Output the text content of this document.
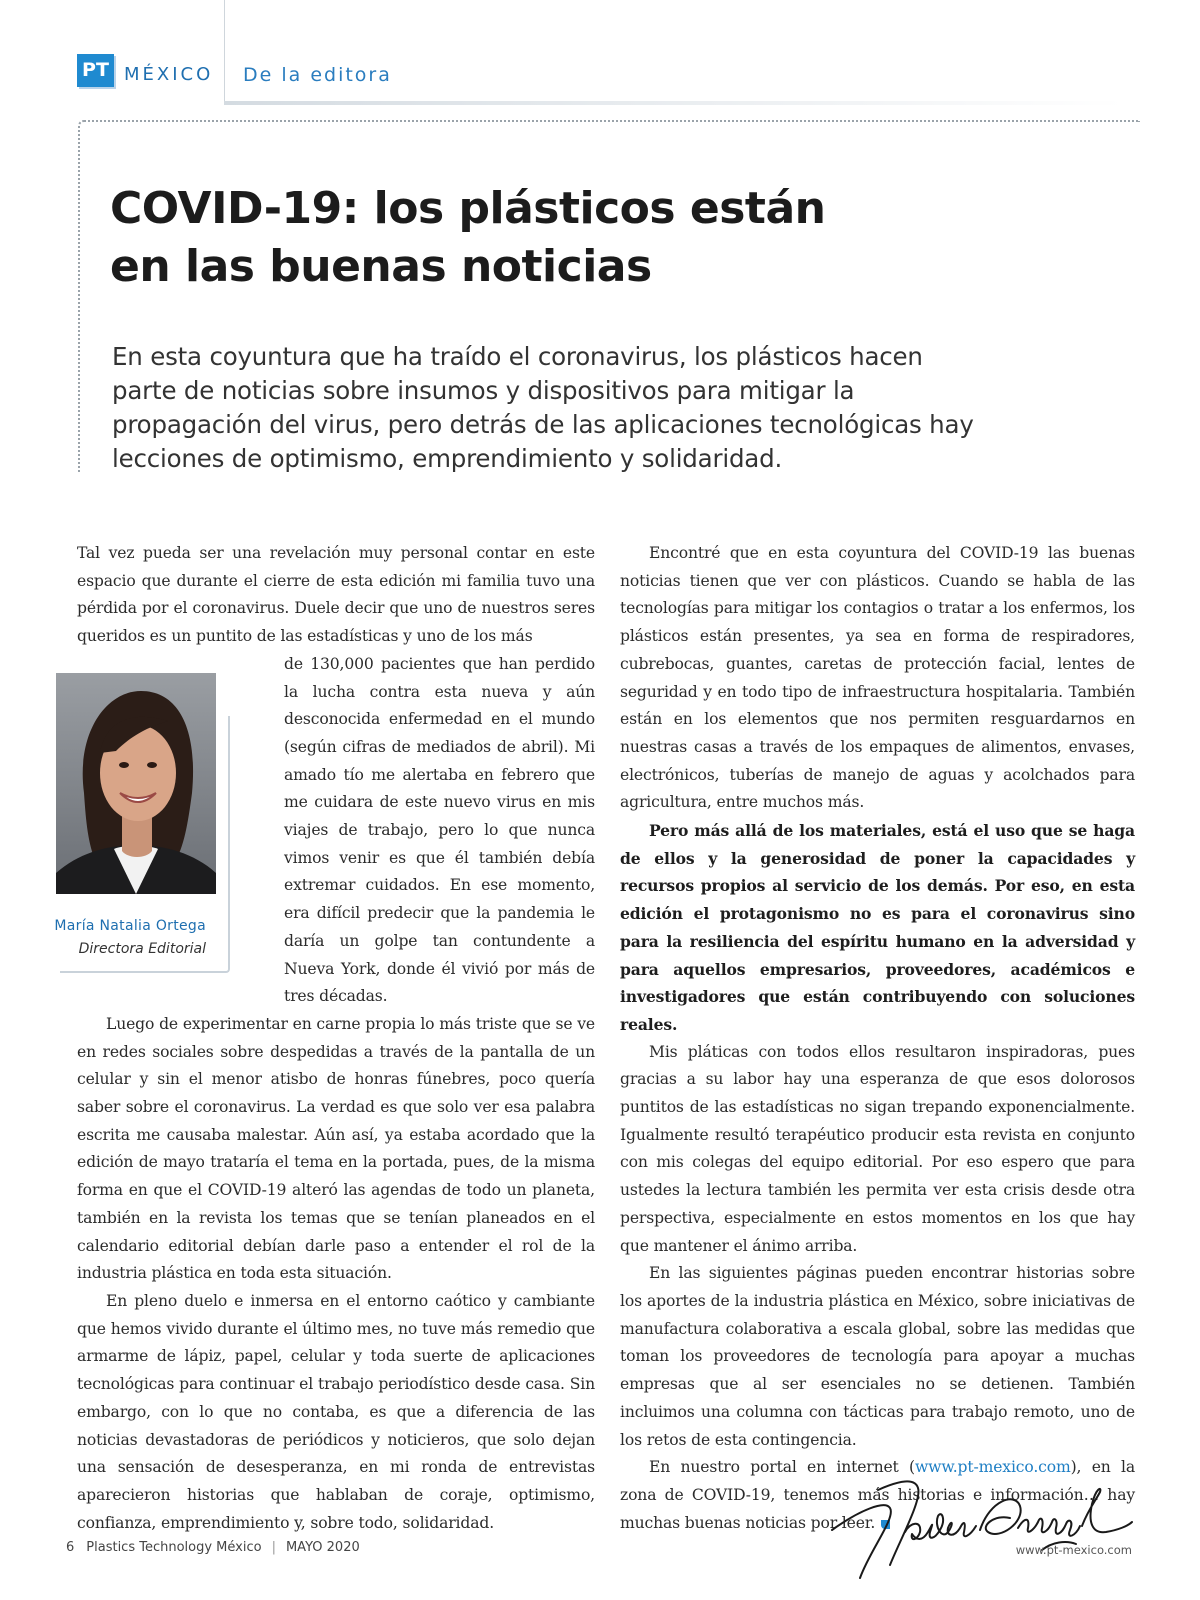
PT MÉXICO De la editora
COVID-19: los plásticos están
en las buenas noticias

En esta coyuntura que ha traído el coronavirus, los plásticos hacen parte de noticias sobre insumos y dispositivos para mitigar la propagación del virus, pero detrás de las aplicaciones tecnológicas hay lecciones de optimismo, emprendimiento y solidaridad.

María Natalia Ortega
Directora Editorial

Tal vez pueda ser una revelación muy personal contar en este espacio que durante el cierre de esta edición mi familia tuvo una pérdida por el coronavirus. Duele decir que uno de nuestros seres queridos es un puntito de las estadísticas y uno de los más

de 130,000 pacientes que han perdido la lucha contra esta nueva y aún desconocida enfermedad en el mundo (según cifras de mediados de abril). Mi amado tío me alertaba en febrero que me cuidara de este nuevo virus en mis viajes de trabajo, pero lo que nunca vimos venir es que él también debía extremar cuidados. En ese momento, era difícil predecir que la pandemia le daría un golpe tan contundente a Nueva York, donde él vivió por más de tres décadas.

Luego de experimentar en carne propia lo más triste que se ve en redes sociales sobre despedidas a través de la pantalla de un celular y sin el menor atisbo de honras fúnebres, poco quería saber sobre el coronavirus. La verdad es que solo ver esa palabra escrita me causaba malestar. Aún así, ya estaba acordado que la edición de mayo trataría el tema en la portada, pues, de la misma forma en que el COVID-19 alteró las agendas de todo un planeta, también en la revista los temas que se tenían planeados en el calendario editorial debían darle paso a entender el rol de la industria plástica en toda esta situación.

En pleno duelo e inmersa en el entorno caótico y cambiante que hemos vivido durante el último mes, no tuve más remedio que armarme de lápiz, papel, celular y toda suerte de aplicaciones tecnológicas para continuar el trabajo periodístico desde casa. Sin embargo, con lo que no contaba, es que a diferencia de las noticias devastadoras de periódicos y noticieros, que solo dejan una sensación de desesperanza, en mi ronda de entrevistas aparecieron historias que hablaban de coraje, optimismo, confianza, emprendimiento y, sobre todo, solidaridad.

Encontré que en esta coyuntura del COVID-19 las buenas noticias tienen que ver con plásticos. Cuando se habla de las tecnologías para mitigar los contagios o tratar a los enfermos, los plásticos están presentes, ya sea en forma de respiradores, cubrebocas, guantes, caretas de protección facial, lentes de seguridad y en todo tipo de infraestructura hospitalaria. También están en los elementos que nos permiten resguardarnos en nuestras casas a través de los empaques de alimentos, envases, electrónicos, tuberías de manejo de aguas y acolchados para agricultura, entre muchos más.

Pero más allá de los materiales, está el uso que se haga de ellos y la generosidad de poner la capacidades y recursos propios al servicio de los demás. Por eso, en esta edición el protagonismo no es para el coronavirus sino para la resiliencia del espíritu humano en la adversidad y para aquellos empresarios, proveedores, académicos e investigadores que están contribuyendo con soluciones reales.

Mis pláticas con todos ellos resultaron inspiradoras, pues gracias a su labor hay una esperanza de que esos dolorosos puntitos de las estadísticas no sigan trepando exponencialmente. Igualmente resultó terapéutico producir esta revista en conjunto con mis colegas del equipo editorial. Por eso espero que para ustedes la lectura también les permita ver esta crisis desde otra perspectiva, especialmente en estos momentos en los que hay que mantener el ánimo arriba.

En las siguientes páginas pueden encontrar historias sobre los aportes de la industria plástica en México, sobre iniciativas de manufactura colaborativa a escala global, sobre las medidas que toman los proveedores de tecnología para apoyar a muchas empresas que al ser esenciales no se detienen. También incluimos una columna con tácticas para trabajo remoto, uno de los retos de esta contingencia.

En nuestro portal en internet (www.pt-mexico.com), en la zona de COVID-19, tenemos más historias e información… hay muchas buenas noticias por leer.

6 Plastics Technology México | MAYO 2020	www.pt-mexico.com
